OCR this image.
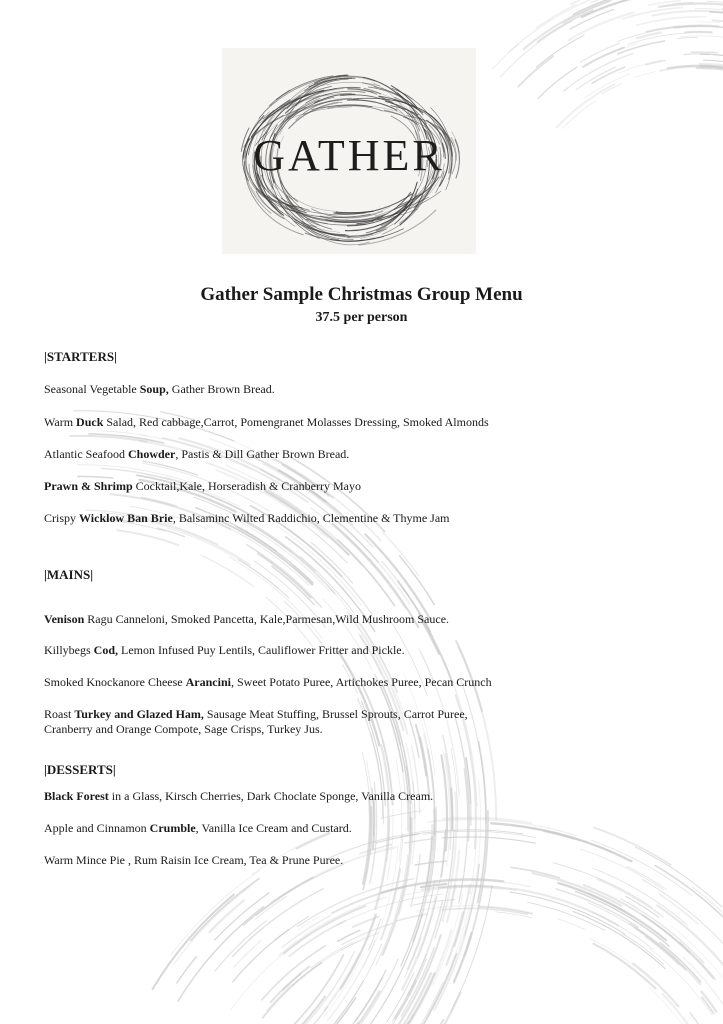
GATHER
Gather Sample Christmas Group Menu
37.5 per person
|STARTERS|
Seasonal Vegetable Soup, Gather Brown Bread.
Warm Duck Salad, Red cabbage,Carrot, Pomengranet Molasses Dressing, Smoked Almonds
Atlantic Seafood Chowder, Pastis & Dill Gather Brown Bread.
Prawn & Shrimp Cocktail,Kale, Horseradish & Cranberry Mayo
Crispy Wicklow Ban Brie, Balsaminc Wilted Raddichio, Clementine & Thyme Jam
|MAINS|
Venison Ragu Canneloni, Smoked Pancetta, Kale,Parmesan,Wild Mushroom Sauce.
Killybegs Cod, Lemon Infused Puy Lentils, Cauliflower Fritter and Pickle.
Smoked Knockanore Cheese Arancini, Sweet Potato Puree, Artichokes Puree, Pecan Crunch
Roast Turkey and Glazed Ham, Sausage Meat Stuffing, Brussel Sprouts, Carrot Puree,
Cranberry and Orange Compote, Sage Crisps, Turkey Jus.
|DESSERTS|
Black Forest in a Glass, Kirsch Cherries, Dark Choclate Sponge, Vanilla Cream.
Apple and Cinnamon Crumble, Vanilla Ice Cream and Custard.
Warm Mince Pie , Rum Raisin Ice Cream, Tea & Prune Puree.
